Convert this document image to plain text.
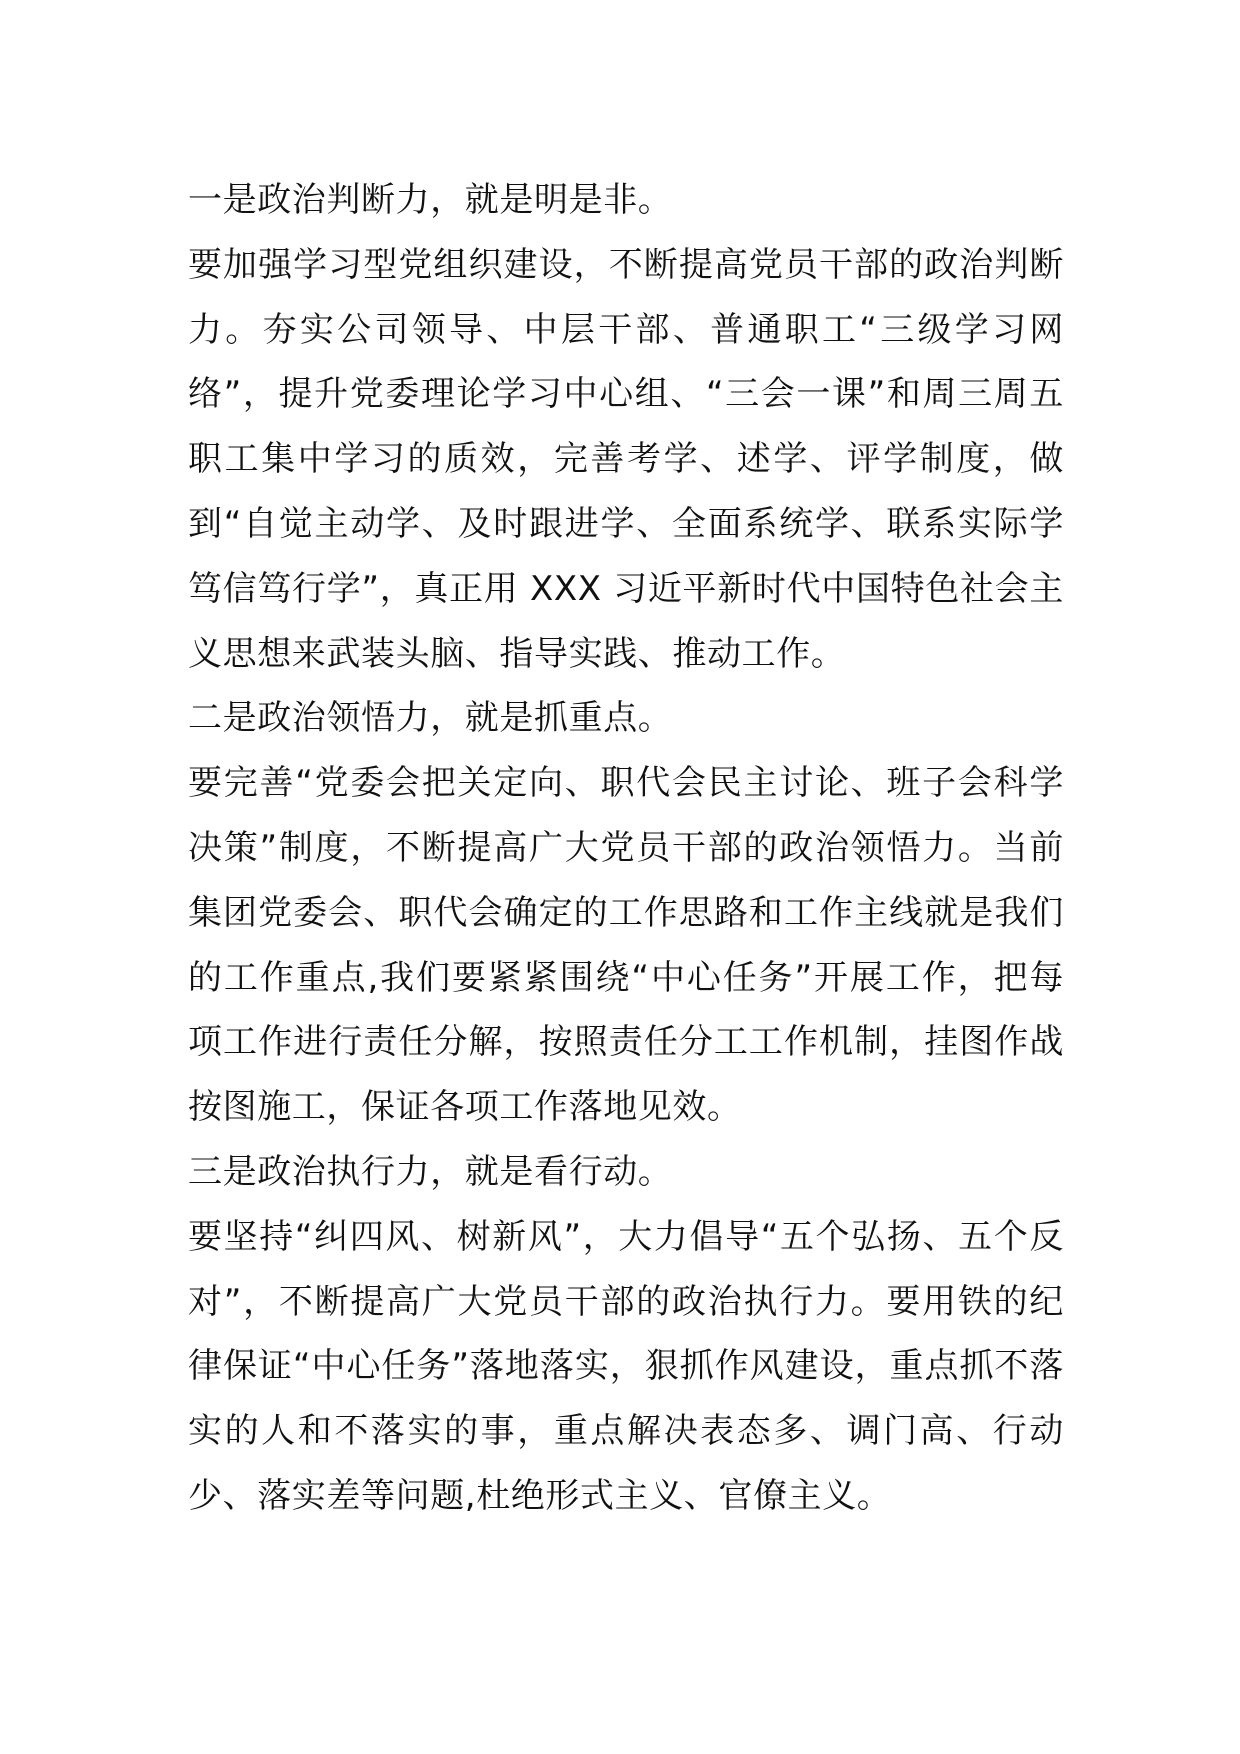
一是政治判断力，就是明是非。

要加强学习型党组织建设，不断提高党员干部的政治判断力。夯实公司领导、中层干部、普通职工“三级学习网络”，提升党委理论学习中心组、“三会一课”和周三周五职工集中学习的质效，完善考学、述学、评学制度，做到“自觉主动学、及时跟进学、全面系统学、联系实际学笃信笃行学”，真正用 XXX 习近平新时代中国特色社会主义思想来武装头脑、指导实践、推动工作。

二是政治领悟力，就是抓重点。

要完善“党委会把关定向、职代会民主讨论、班子会科学决策”制度，不断提高广大党员干部的政治领悟力。当前集团党委会、职代会确定的工作思路和工作主线就是我们的工作重点,我们要紧紧围绕“中心任务”开展工作，把每项工作进行责任分解，按照责任分工工作机制，挂图作战按图施工，保证各项工作落地见效。

三是政治执行力，就是看行动。

要坚持“纠四风、树新风”，大力倡导“五个弘扬、五个反对”，不断提高广大党员干部的政治执行力。要用铁的纪律保证“中心任务”落地落实，狠抓作风建设，重点抓不落实的人和不落实的事，重点解决表态多、调门高、行动少、落实差等问题,杜绝形式主义、官僚主义。
